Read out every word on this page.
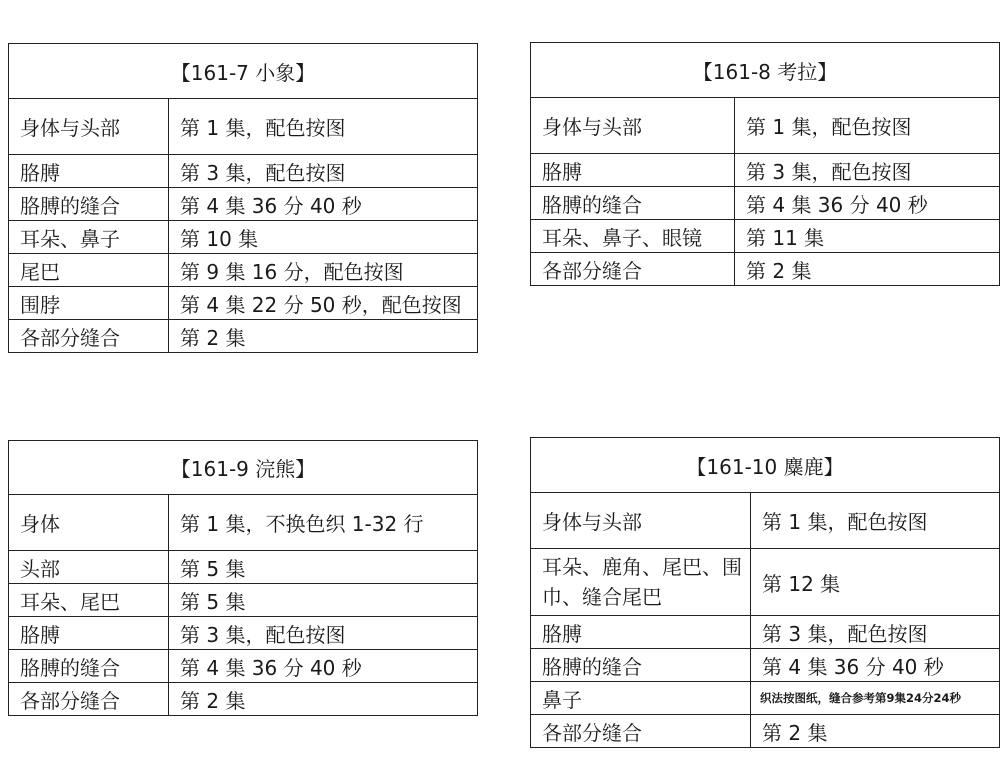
【161-7 小象】	
身体与头部	第 1 集，配色按图
胳膊	第 3 集，配色按图
胳膊的缝合	第 4 集 36 分 40 秒
耳朵、鼻子	第 10 集
尾巴	第 9 集 16 分，配色按图
围脖	第 4 集 22 分 50 秒，配色按图
各部分缝合	第 2 集
【161-8 考拉】	
身体与头部	第 1 集，配色按图
胳膊	第 3 集，配色按图
胳膊的缝合	第 4 集 36 分 40 秒
耳朵、鼻子、眼镜	第 11 集
各部分缝合	第 2 集
【161-9 浣熊】	
身体	第 1 集，不换色织 1-32 行
头部	第 5 集
耳朵、尾巴	第 5 集
胳膊	第 3 集，配色按图
胳膊的缝合	第 4 集 36 分 40 秒
各部分缝合	第 2 集
【161-10 麋鹿】	
身体与头部	第 1 集，配色按图
耳朵、鹿角、尾巴、围巾、缝合尾巴	第 12 集
胳膊	第 3 集，配色按图
胳膊的缝合	第 4 集 36 分 40 秒
鼻子	织法按图纸，缝合参考第9集24分24秒
各部分缝合	第 2 集
